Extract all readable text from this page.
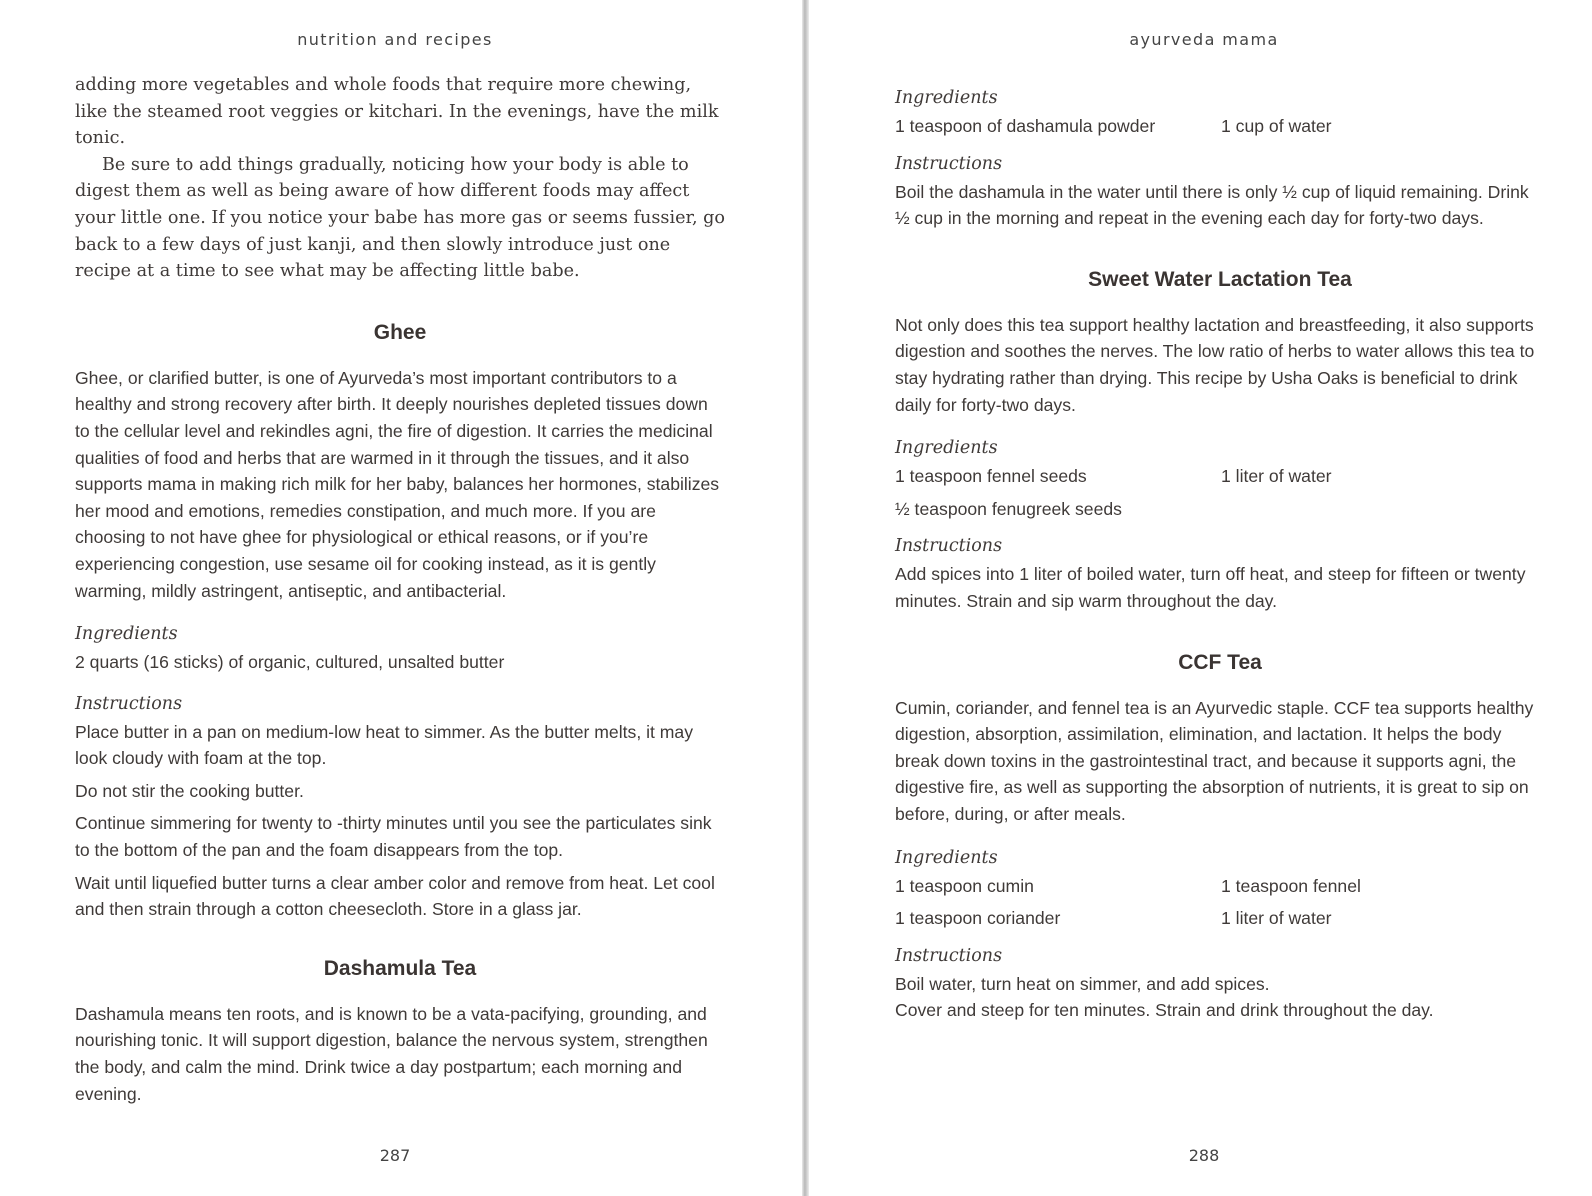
nutrition and recipes

adding more vegetables and whole foods that require more chewing, like the steamed root veggies or kitchari. In the evenings, have the milk tonic.

Be sure to add things gradually, noticing how your body is able to digest them as well as being aware of how different foods may affect your little one. If you notice your babe has more gas or seems fussier, go back to a few days of just kanji, and then slowly introduce just one recipe at a time to see what may be affecting little babe.

Ghee

Ghee, or clarified butter, is one of Ayurveda’s most important contributors to a healthy and strong recovery after birth. It deeply nourishes depleted tissues down to the cellular level and rekindles agni, the fire of digestion. It carries the medicinal qualities of food and herbs that are warmed in it through the tissues, and it also supports mama in making rich milk for her baby, balances her hormones, stabilizes her mood and emotions, remedies constipation, and much more. If you are choosing to not have ghee for physiological or ethical reasons, or if you’re experiencing congestion, use sesame oil for cooking instead, as it is gently warming, mildly astringent, antiseptic, and antibacterial.

Ingredients
2 quarts (16 sticks) of organic, cultured, unsalted butter
Instructions

Place butter in a pan on medium-low heat to simmer. As the butter melts, it may look cloudy with foam at the top.

Do not stir the cooking butter.

Continue simmering for twenty to -thirty minutes until you see the particulates sink to the bottom of the pan and the foam disappears from the top.

Wait until liquefied butter turns a clear amber color and remove from heat. Let cool and then strain through a cotton cheesecloth. Store in a glass jar.

Dashamula Tea

Dashamula means ten roots, and is known to be a vata-pacifying, grounding, and nourishing tonic. It will support digestion, balance the nervous system, strengthen the body, and calm the mind. Drink twice a day postpartum; each morning and evening.

287
ayurveda mama
Ingredients
1 teaspoon of dashamula powder	1 cup of water
Instructions

Boil the dashamula in the water until there is only ½ cup of liquid remaining. Drink ½ cup in the morning and repeat in the evening each day for forty-two days.

Sweet Water Lactation Tea

Not only does this tea support healthy lactation and breastfeeding, it also supports digestion and soothes the nerves. The low ratio of herbs to water allows this tea to stay hydrating rather than drying. This recipe by Usha Oaks is beneficial to drink daily for forty-two days.

Ingredients
1 teaspoon fennel seeds	1 liter of water
½ teaspoon fenugreek seeds
Instructions

Add spices into 1 liter of boiled water, turn off heat, and steep for fifteen or twenty minutes. Strain and sip warm throughout the day.

CCF Tea

Cumin, coriander, and fennel tea is an Ayurvedic staple. CCF tea supports healthy digestion, absorption, assimilation, elimination, and lactation. It helps the body break down toxins in the gastrointestinal tract, and because it supports agni, the digestive fire, as well as supporting the absorption of nutrients, it is great to sip on before, during, or after meals.

Ingredients
1 teaspoon cumin	1 teaspoon fennel
1 teaspoon coriander	1 liter of water
Instructions

Boil water, turn heat on simmer, and add spices.

Cover and steep for ten minutes. Strain and drink throughout the day.

288
